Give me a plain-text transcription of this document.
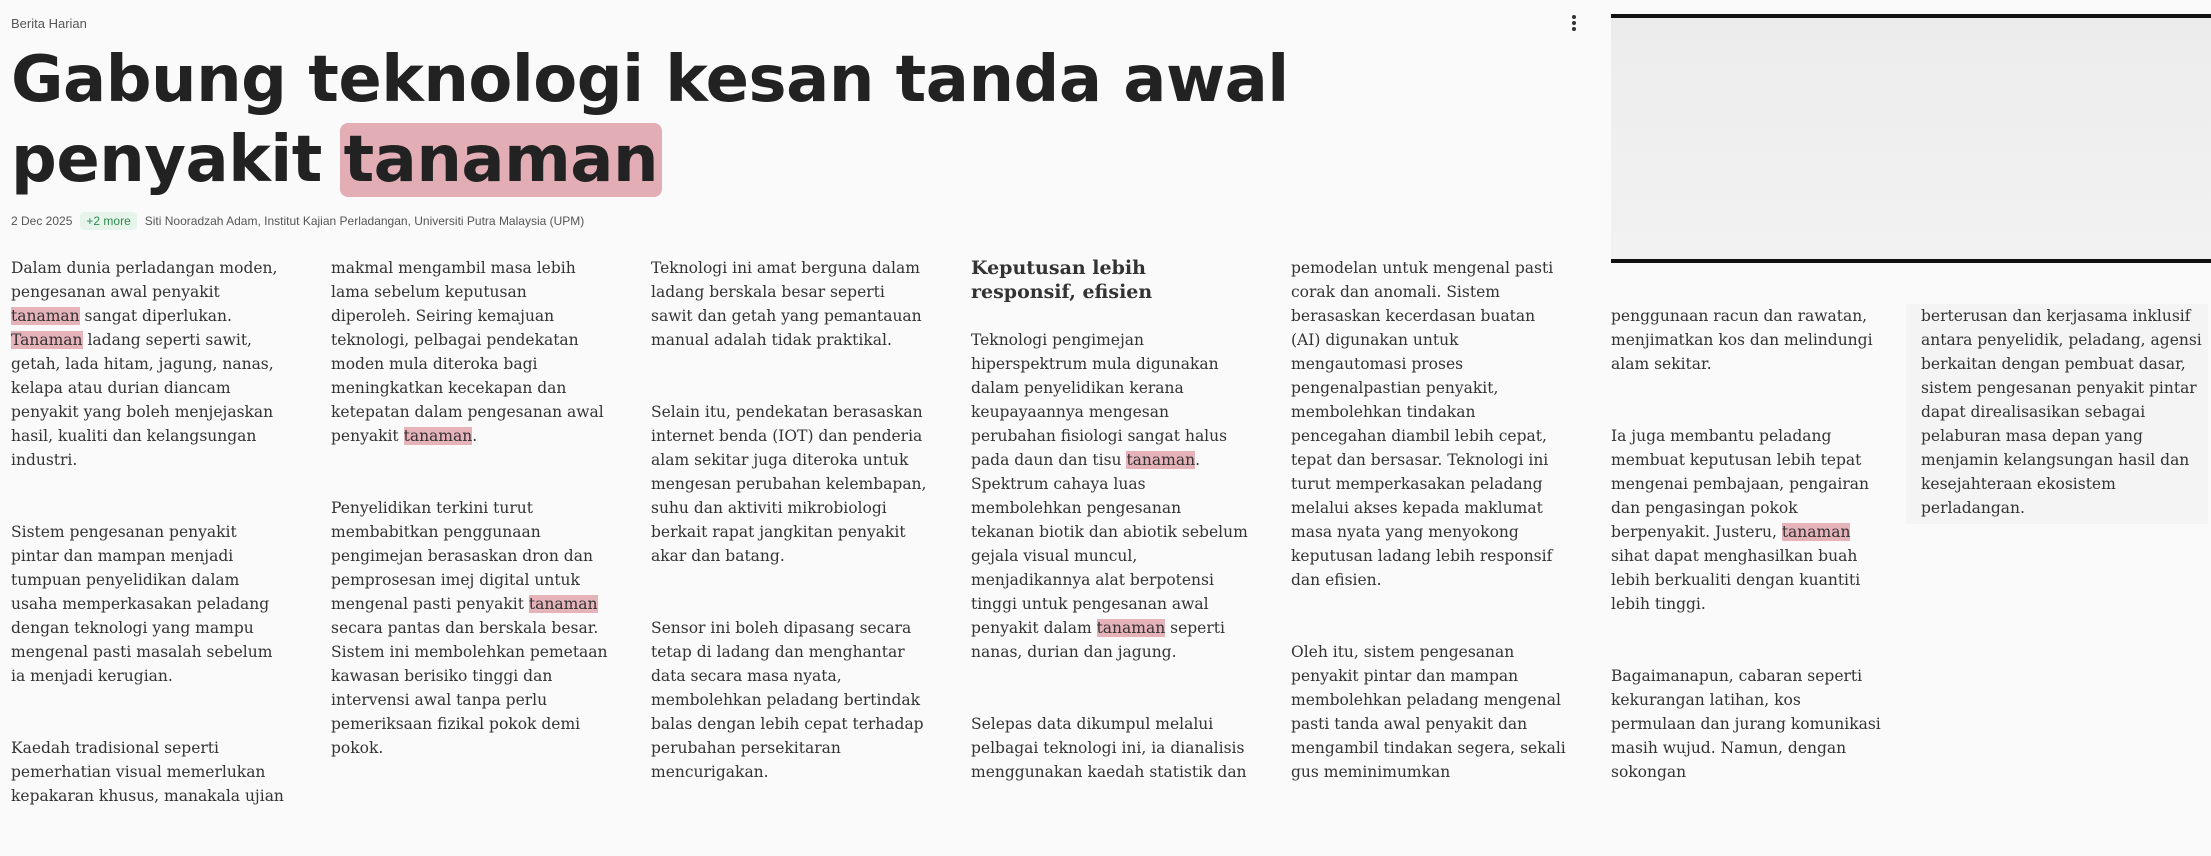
Berita Harian
Gabung teknologi kesan tanda awal penyakit tanaman
2 Dec 2025	+2 more	Siti Nooradzah Adam, Institut Kajian Perladangan, Universiti Putra Malaysia (UPM)

Dalam dunia perladangan moden, pengesanan awal penyakit tanaman sangat diperlukan. Tanaman ladang seperti sawit, getah, lada hitam, jagung, nanas, kelapa atau durian diancam penyakit yang boleh menjejaskan hasil, kualiti dan kelangsungan industri.

Sistem pengesanan penyakit pintar dan mampan menjadi tumpuan penyelidikan dalam usaha memperkasakan peladang dengan teknologi yang mampu mengenal pasti masalah sebelum ia menjadi kerugian.

Kaedah tradisional seperti pemerhatian visual memerlukan kepakaran khusus, manakala ujian

makmal mengambil masa lebih lama sebelum keputusan diperoleh. Seiring kemajuan teknologi, pelbagai pendekatan moden mula diteroka bagi meningkatkan kecekapan dan ketepatan dalam pengesanan awal penyakit tanaman.

Penyelidikan terkini turut membabitkan penggunaan pengimejan berasaskan dron dan pemprosesan imej digital untuk mengenal pasti penyakit tanaman secara pantas dan berskala besar. Sistem ini membolehkan pemetaan kawasan berisiko tinggi dan intervensi awal tanpa perlu pemeriksaan fizikal pokok demi pokok.

Teknologi ini amat berguna dalam ladang berskala besar seperti sawit dan getah yang pemantauan manual adalah tidak praktikal.

Selain itu, pendekatan berasaskan internet benda (IOT) dan penderia alam sekitar juga diteroka untuk mengesan perubahan kelembapan, suhu dan aktiviti mikrobiologi berkait rapat jangkitan penyakit akar dan batang.

Sensor ini boleh dipasang secara tetap di ladang dan menghantar data secara masa nyata, membolehkan peladang bertindak balas dengan lebih cepat terhadap perubahan persekitaran mencurigakan.

Keputusan lebih responsif, efisien

Teknologi pengimejan hiperspektrum mula digunakan dalam penyelidikan kerana keupayaannya mengesan perubahan fisiologi sangat halus pada daun dan tisu tanaman. Spektrum cahaya luas membolehkan pengesanan tekanan biotik dan abiotik sebelum gejala visual muncul, menjadikannya alat berpotensi tinggi untuk pengesanan awal penyakit dalam tanaman seperti nanas, durian dan jagung.

Selepas data dikumpul melalui pelbagai teknologi ini, ia dianalisis menggunakan kaedah statistik dan

pemodelan untuk mengenal pasti corak dan anomali. Sistem berasaskan kecerdasan buatan (AI) digunakan untuk mengautomasi proses pengenalpastian penyakit, membolehkan tindakan pencegahan diambil lebih cepat, tepat dan bersasar. Teknologi ini turut memperkasakan peladang melalui akses kepada maklumat masa nyata yang menyokong keputusan ladang lebih responsif dan efisien.

Oleh itu, sistem pengesanan penyakit pintar dan mampan membolehkan peladang mengenal pasti tanda awal penyakit dan mengambil tindakan segera, sekali gus meminimumkan

penggunaan racun dan rawatan, menjimatkan kos dan melindungi alam sekitar.

Ia juga membantu peladang membuat keputusan lebih tepat mengenai pembajaan, pengairan dan pengasingan pokok berpenyakit. Justeru, tanaman sihat dapat menghasilkan buah lebih berkualiti dengan kuantiti lebih tinggi.

Bagaimanapun, cabaran seperti kekurangan latihan, kos permulaan dan jurang komunikasi masih wujud. Namun, dengan sokongan

berterusan dan kerjasama inklusif antara penyelidik, peladang, agensi berkaitan dengan pembuat dasar, sistem pengesanan penyakit pintar dapat direalisasikan sebagai pelaburan masa depan yang menjamin kelangsungan hasil dan kesejahteraan ekosistem perladangan.
